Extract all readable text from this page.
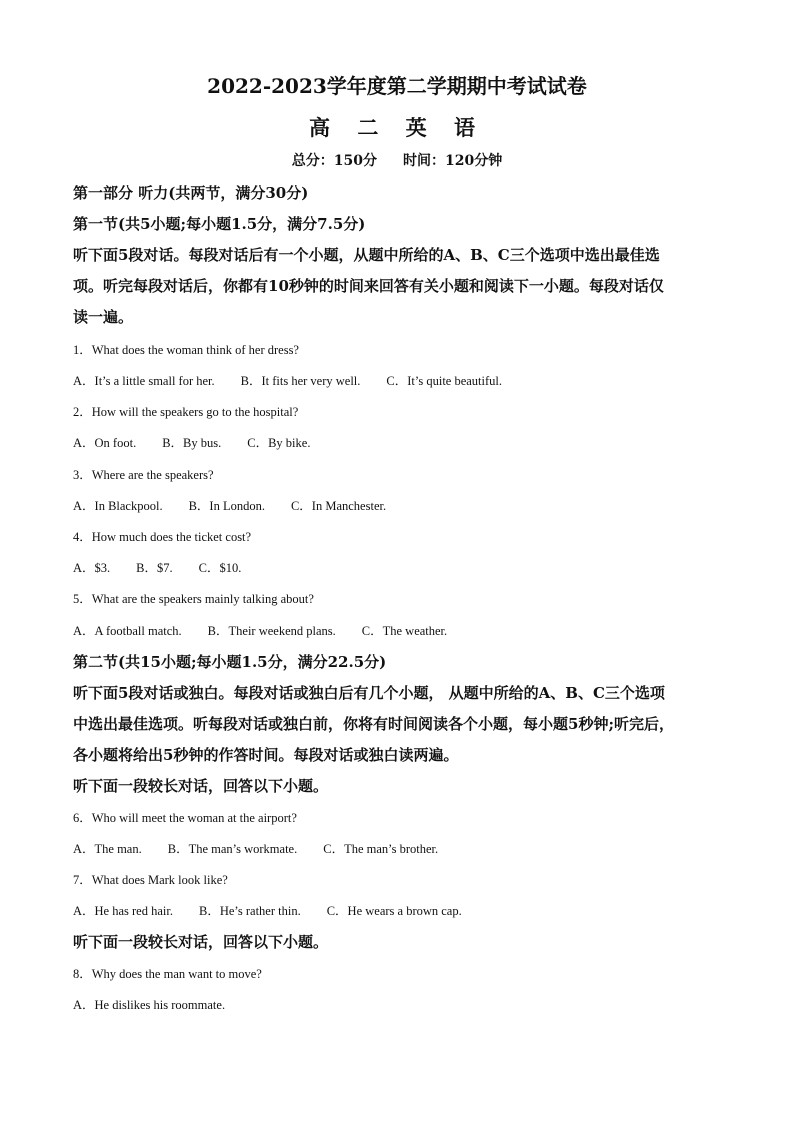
2022-2023学年度第二学期期中考试试卷
高 二 英 语
总分：150分 时间：120分钟
第一部分 听力(共两节，满分30分)
第一节(共5小题;每小题1.5分，满分7.5分)
听下面5段对话。每段对话后有一个小题，从题中所给的A、B、C三个选项中选出最佳选
项。听完每段对话后，你都有10秒钟的时间来回答有关小题和阅读下一小题。每段对话仅
读一遍。
1．What does the woman think of her dress?
A．It’s a little small for her. B．It fits her very well. C．It’s quite beautiful.
2．How will the speakers go to the hospital?
A．On foot. B．By bus. C．By bike.
3．Where are the speakers?
A．In Blackpool. B．In London. C．In Manchester.
4．How much does the ticket cost?
A．$3. B．$7. C．$10.
5．What are the speakers mainly talking about?
A．A football match. B．Their weekend plans. C．The weather.
第二节(共15小题;每小题1.5分，满分22.5分)
听下面5段对话或独白。每段对话或独白后有几个小题， 从题中所给的A、B、C三个选项
中选出最佳选项。听每段对话或独白前，你将有时间阅读各个小题，每小题5秒钟;听完后，
各小题将给出5秒钟的作答时间。每段对话或独白读两遍。
听下面一段较长对话，回答以下小题。
6．Who will meet the woman at the airport?
A．The man. B．The man’s workmate. C．The man’s brother.
7．What does Mark look like?
A．He has red hair. B．He’s rather thin. C．He wears a brown cap.
听下面一段较长对话，回答以下小题。
8．Why does the man want to move?
A．He dislikes his roommate.
